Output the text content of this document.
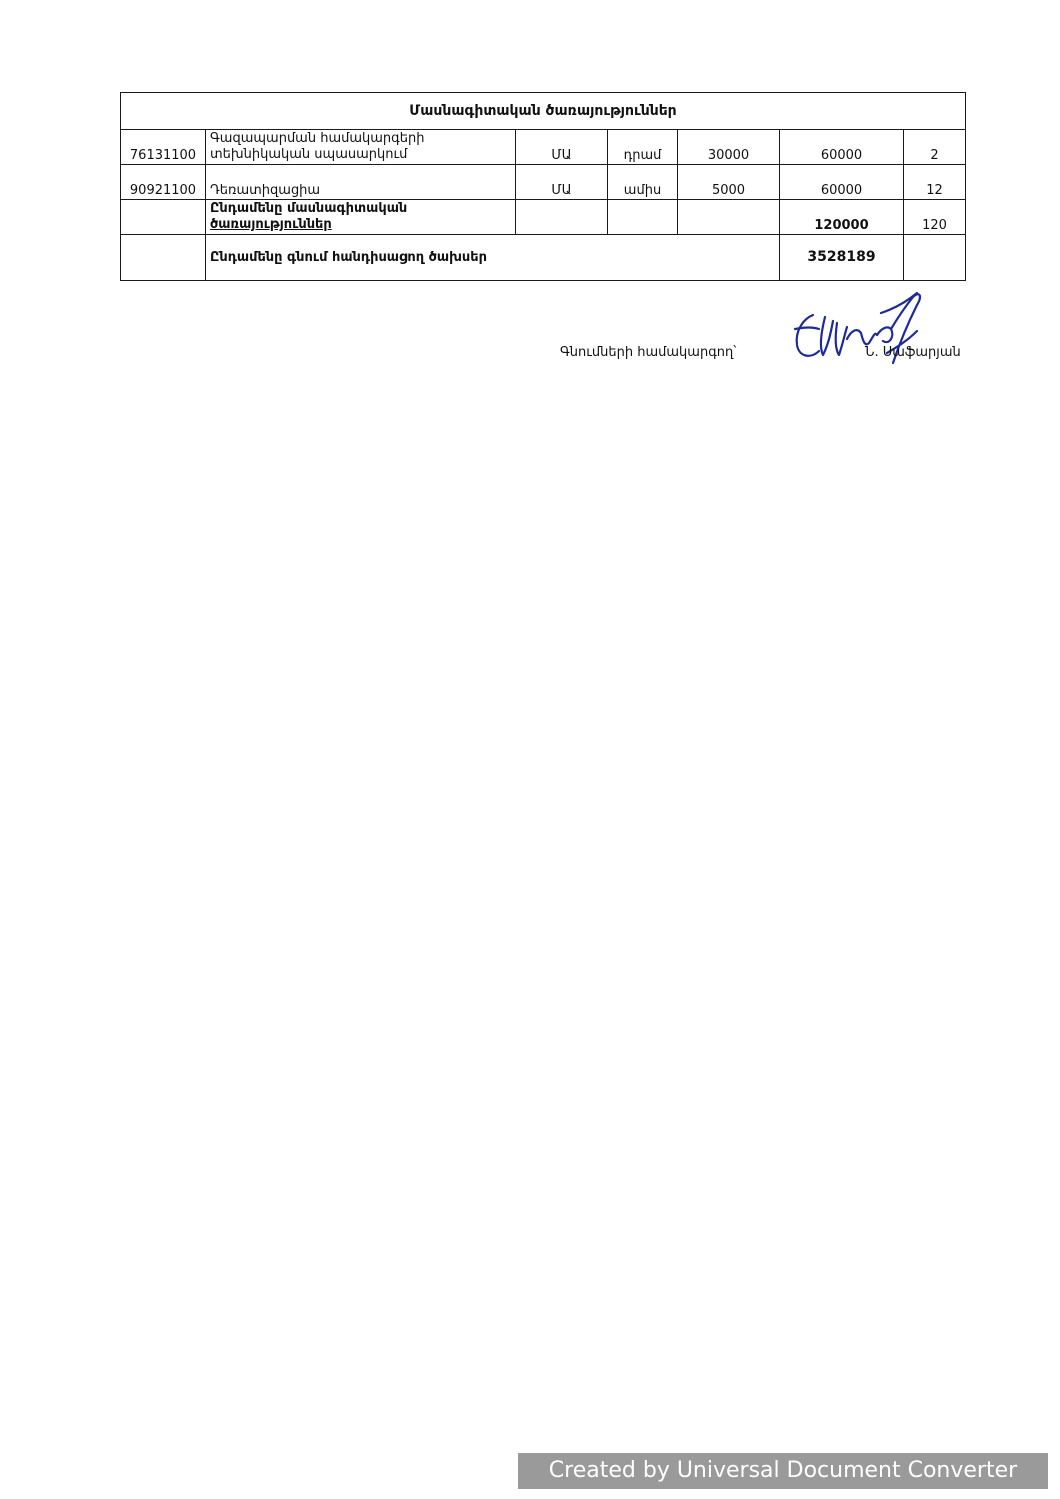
Մասնագիտական ծառայություններ						
76131100	Գազապարման համակարգերի
տեխնիկական սպասարկում	ՄԱ	դրամ	30000	60000	2
90921100	Դեռատիզացիա	ՄԱ	ամիս	5000	60000	12

	Ընդամենը մասնագիտական
ծառայություններ				120000	120
	Ընդամենը գնում հանդիսացող ծախսեր				3528189	
Գնումների համակարգող՝	Ն. Սաֆարյան
Created by Universal Document Converter
